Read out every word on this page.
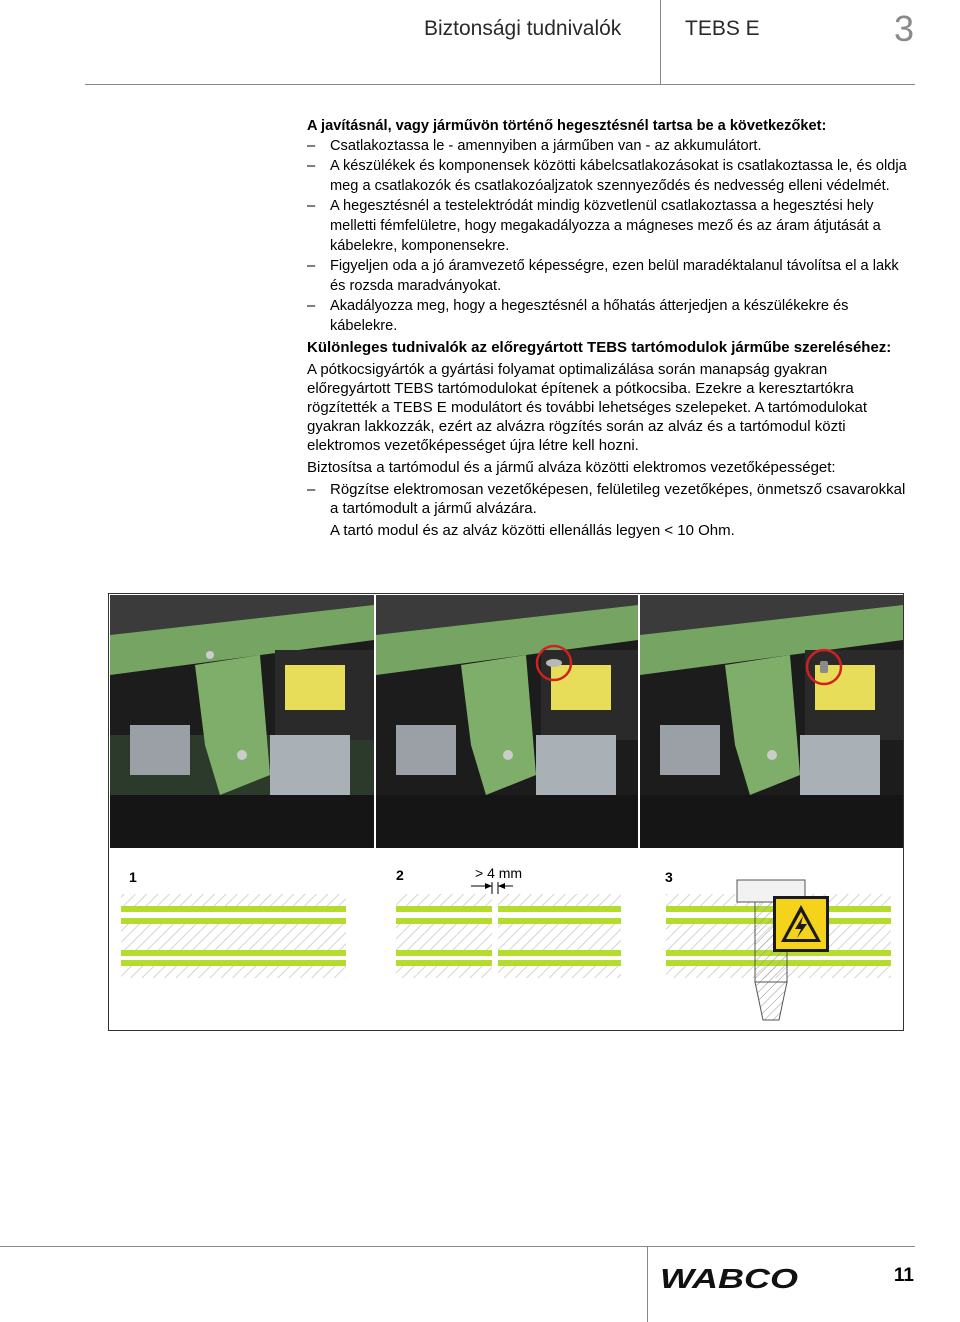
Biztonsági tudnivalók	TEBS E	3

A javításnál, vagy járművön történő hegesztésnél tartsa be a következőket:

– Csatlakoztassa le - amennyiben a járműben van - az akkumulátort.
– A készülékek és komponensek közötti kábelcsatlakozásokat is csatlakoztassa le, és oldja meg a csatlakozók és csatlakozóaljzatok szennyeződés és nedvesség elleni védelmét.
– A hegesztésnél a testelektródát mindig közvetlenül csatlakoztassa a hegesztési hely melletti fémfelületre, hogy megakadályozza a mágneses mező és az áram átjutását a kábelekre, komponensekre.
– Figyeljen oda a jó áramvezető képességre, ezen belül maradéktalanul távolítsa el a lakk és rozsda maradványokat.
– Akadályozza meg, hogy a hegesztésnél a hőhatás átterjedjen a készülékekre és kábelekre.

Különleges tudnivalók az előregyártott TEBS tartómodulok járműbe szereléséhez:

A pótkocsigyártók a gyártási folyamat optimalizálása során manapság gyakran előregyártott TEBS tartómodulokat építenek a pótkocsiba. Ezekre a keresztartókra rögzítették a TEBS E modulátort és további lehetséges szelepeket. A tartómodulokat gyakran lakkozzák, ezért az alvázra rögzítés során az alváz és a tartómodul közti elektromos vezetőképességet újra létre kell hozni.

Biztosítsa a tartómodul és a jármű alváza közötti elektromos vezetőképességet:

– Rögzítse elektromosan vezetőképesen, felületileg vezetőképes, önmetsző csavarokkal a tartómodult a jármű alvázára.

A tartó modul és az alváz közötti ellenállás legyen < 10 Ohm.

1	2	3
> 4 mm
WABCO	11
